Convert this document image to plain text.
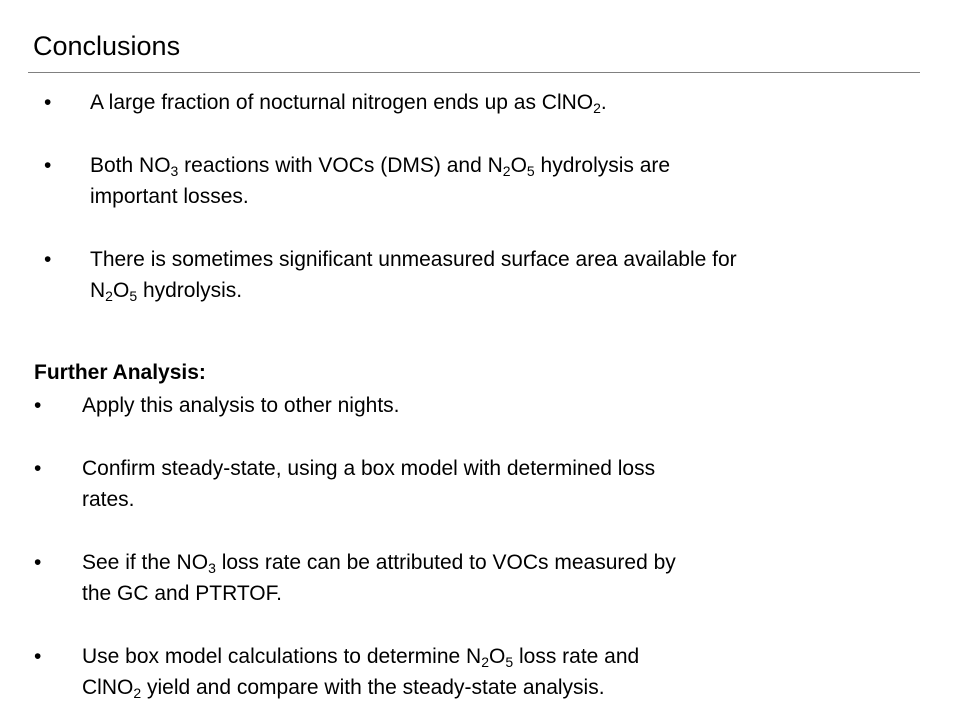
Conclusions
• A large fraction of nocturnal nitrogen ends up as ClNO$_2$.
• Both $NO_3$ reactions with VOCs (DMS) and $N_2O_5$ hydrolysis are
important losses.
• There is sometimes significant unmeasured surface area available for
$N_2O_5$ hydrolysis.
Further Analysis:
• Apply this analysis to other nights.
• Confirm steady-state, using a box model with determined loss
rates.
• See if the $NO_3$ loss rate can be attributed to VOCs measured by
the GC and PTRTOF.
• Use box model calculations to determine $N_2O_5$ loss rate and
ClNO$_2$ yield and compare with the steady-state analysis.
